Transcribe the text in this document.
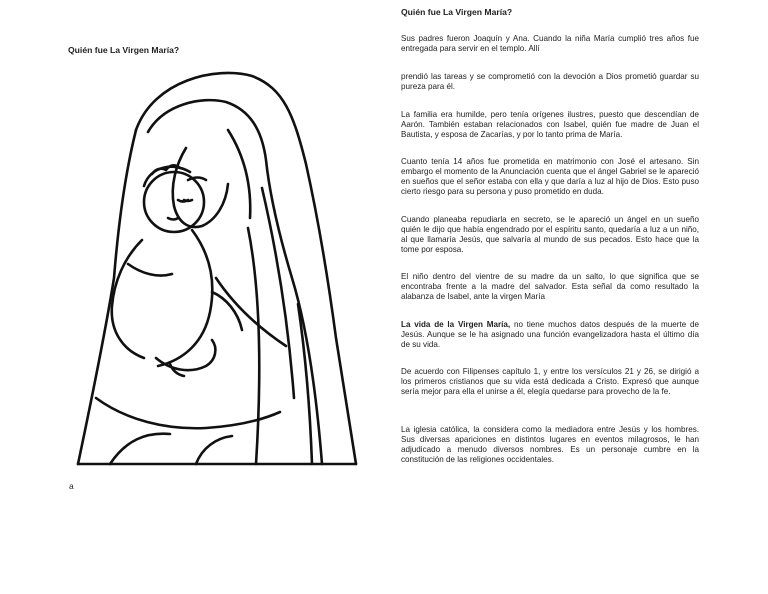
Quién fue La Virgen María?
a
Quién fue La Virgen María?

Sus padres fueron Joaquín y Ana. Cuando la niña María cumplió tres años fue entregada para servir en el templo. Allí

prendió las tareas y se comprometió con la devoción a Dios prometió guardar su pureza para él.

La familia era humilde, pero tenía orígenes ilustres, puesto que descendían de Aarón. También estaban relacionados con Isabel, quién fue madre de Juan el Bautista, y esposa de Zacarías, y por lo tanto prima de María.

Cuanto tenía 14 años fue prometida en matrimonio con José el artesano. Sin embargo el momento de la Anunciación cuenta que el ángel Gabriel se le apareció en sueños que el señor estaba con ella y que daría a luz al hijo de Dios. Esto puso cierto riesgo para su persona y puso prometido en duda.

Cuando planeaba repudiarla en secreto, se le apareció un ángel en un sueño quién le dijo que había engendrado por el espíritu santo, quedaría a luz a un niño, al que llamaría Jesús, que salvaría al mundo de sus pecados. Esto hace que la tome por esposa.

El niño dentro del vientre de su madre da un salto, lo que significa que se encontraba frente a la madre del salvador. Esta señal da como resultado la alabanza de Isabel, ante la virgen María

La vida de la Virgen María, no tiene muchos datos después de la muerte de Jesús. Aunque se le ha asignado una función evangelizadora hasta el último día de su vida.

De acuerdo con Filipenses capítulo 1, y entre los versículos 21 y 26, se dirigió a los primeros cristianos que su vida está dedicada a Cristo. Expresó que aunque sería mejor para ella el unirse a él, elegía quedarse para provecho de la fe.

La iglesia católica, la considera como la mediadora entre Jesús y los hombres. Sus diversas apariciones en distintos lugares en eventos milagrosos, le han adjudicado a menudo diversos nombres. Es un personaje cumbre en la constitución de las religiones occidentales.
